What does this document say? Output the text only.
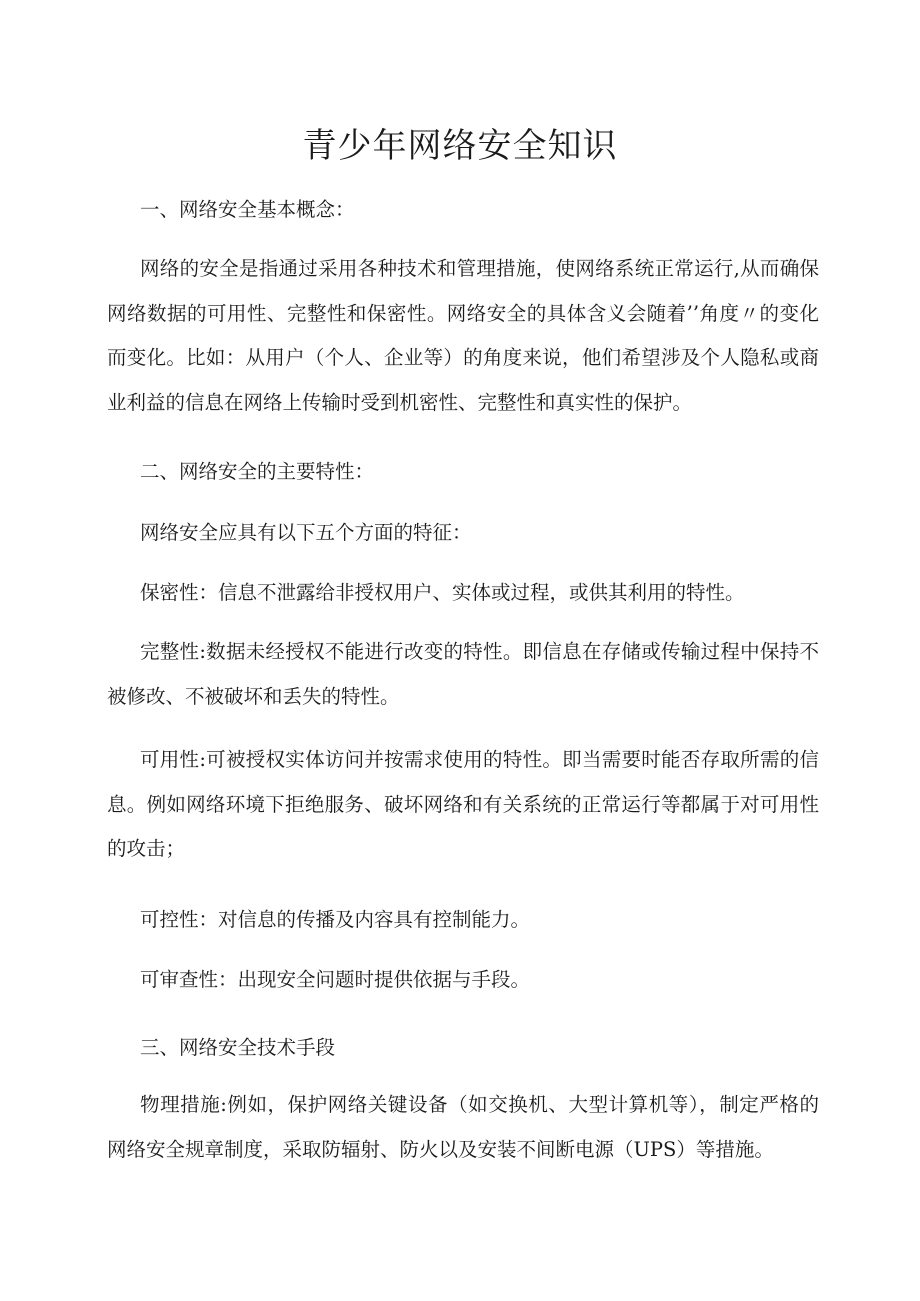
青少年网络安全知识

一、网络安全基本概念：

网络的安全是指通过采用各种技术和管理措施，使网络系统正常运行,从而确保网络数据的可用性、完整性和保密性。网络安全的具体含义会随着’’角度〃的变化而变化。比如：从用户（个人、企业等）的角度来说，他们希望涉及个人隐私或商业利益的信息在网络上传输时受到机密性、完整性和真实性的保护。

二、网络安全的主要特性：

网络安全应具有以下五个方面的特征：

保密性：信息不泄露给非授权用户、实体或过程，或供其利用的特性。

完整性:数据未经授权不能进行改变的特性。即信息在存储或传输过程中保持不被修改、不被破坏和丢失的特性。

可用性:可被授权实体访问并按需求使用的特性。即当需要时能否存取所需的信息。例如网络环境下拒绝服务、破坏网络和有关系统的正常运行等都属于对可用性的攻击；

可控性：对信息的传播及内容具有控制能力。

可审查性：出现安全问题时提供依据与手段。

三、网络安全技术手段

物理措施:例如，保护网络关键设备（如交换机、大型计算机等），制定严格的网络安全规章制度，采取防辐射、防火以及安装不间断电源（UPS）等措施。
